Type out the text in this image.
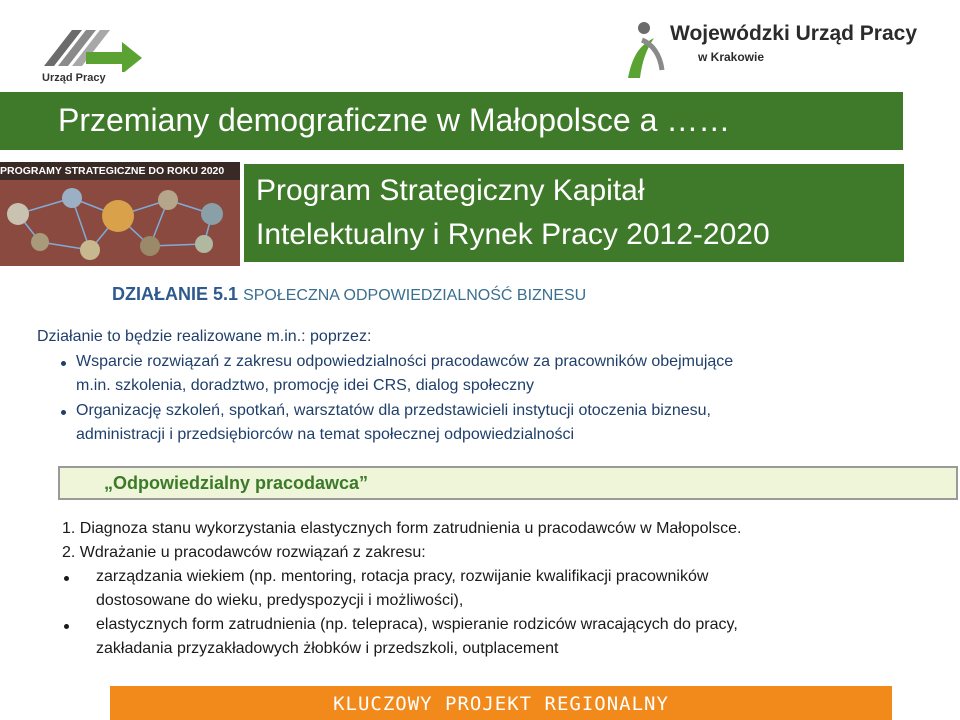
Urząd Pracy
Wojewódzki Urząd Pracy
w Krakowie
Przemiany demograficzne w Małopolsce a ……
PROGRAMY STRATEGICZNE DO ROKU 2020
Program Strategiczny Kapitał
Intelektualny i Rynek Pracy 2012-2020
DZIAŁANIE 5.1 SPOŁECZNA ODPOWIEDZIALNOŚĆ BIZNESU
Działanie to będzie realizowane m.in.: poprzez:
Wsparcie rozwiązań z zakresu odpowiedzialności pracodawców za pracowników obejmujące
m.in. szkolenia, doradztwo, promocję idei CRS, dialog społeczny
Organizację szkoleń, spotkań, warsztatów dla przedstawicieli instytucji otoczenia biznesu,
administracji i przedsiębiorców na temat społecznej odpowiedzialności
„Odpowiedzialny pracodawca”
1. Diagnoza stanu wykorzystania elastycznych form zatrudnienia u pracodawców w Małopolsce.
2. Wdrażanie u pracodawców rozwiązań z zakresu:
zarządzania wiekiem (np. mentoring, rotacja pracy, rozwijanie kwalifikacji pracowników
dostosowane do wieku, predyspozycji i możliwości),
elastycznych form zatrudnienia (np. telepraca), wspieranie rodziców wracających do pracy,
zakładania przyzakładowych żłobków i przedszkoli, outplacement
KLUCZOWY PROJEKT REGIONALNY
